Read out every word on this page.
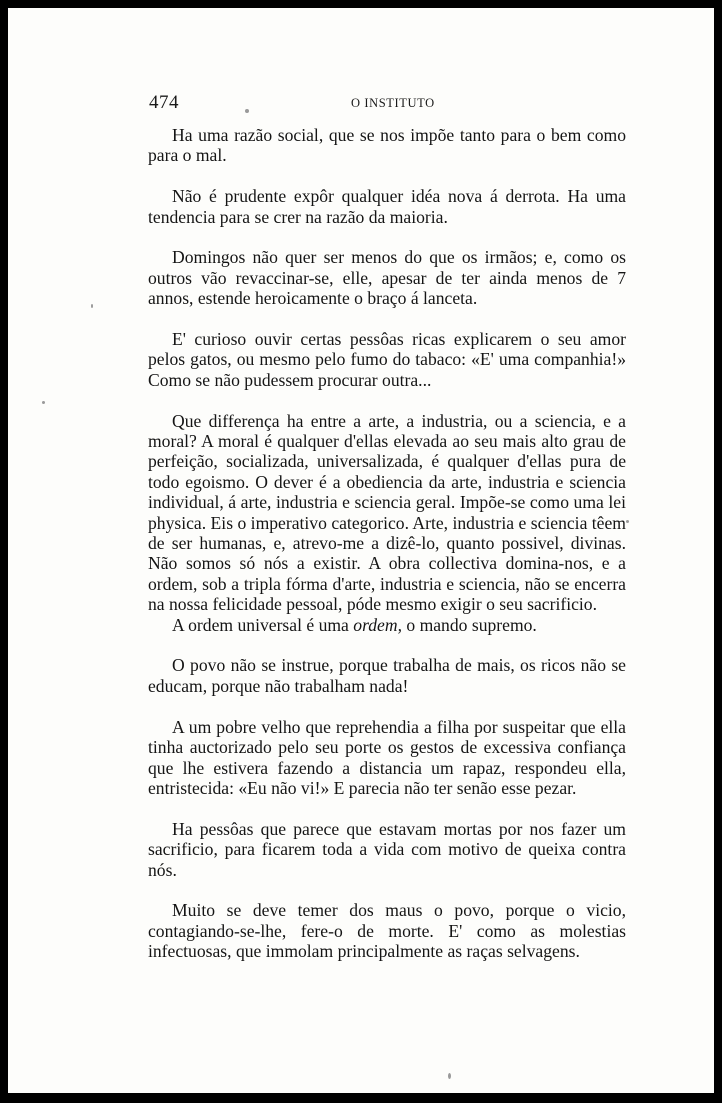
474	O INSTITUTO

Ha uma razão social, que se nos impõe tanto para o bem como para o mal.

Não é prudente expôr qualquer idéa nova á derrota. Ha uma tendencia para se crer na razão da maioria.

Domingos não quer ser menos do que os irmãos; e, como os outros vão revaccinar-se, elle, apesar de ter ainda menos de 7 annos, estende heroicamente o braço á lanceta.

E' curioso ouvir certas pessôas ricas explicarem o seu amor pelos gatos, ou mesmo pelo fumo do tabaco: «E' uma companhia!» Como se não pudessem procurar outra...

Que differença ha entre a arte, a industria, ou a sciencia, e a moral? A moral é qualquer d'ellas elevada ao seu mais alto grau de perfeição, socializada, universalizada, é qualquer d'ellas pura de todo egoismo. O dever é a obediencia da arte, industria e sciencia individual, á arte, industria e sciencia geral. Impõe-se como uma lei physica. Eis o imperativo categorico. Arte, industria e sciencia têem de ser humanas, e, atrevo-me a dizê-lo, quanto possivel, divinas. Não somos só nós a existir. A obra collectiva domina-nos, e a ordem, sob a tripla fórma d'arte, industria e sciencia, não se encerra na nossa felicidade pessoal, póde mesmo exigir o seu sacrificio.

A ordem universal é uma ordem, o mando supremo.

O povo não se instrue, porque trabalha de mais, os ricos não se educam, porque não trabalham nada!

A um pobre velho que reprehendia a filha por suspeitar que ella tinha auctorizado pelo seu porte os gestos de excessiva confiança que lhe estivera fazendo a distancia um rapaz, respondeu ella, entristecida: «Eu não vi!» E parecia não ter senão esse pezar.

Ha pessôas que parece que estavam mortas por nos fazer um sacrificio, para ficarem toda a vida com motivo de queixa contra nós.

Muito se deve temer dos maus o povo, porque o vicio, contagiando-se-lhe, fere-o de morte. E' como as molestias infectuosas, que immolam principalmente as raças selvagens.
